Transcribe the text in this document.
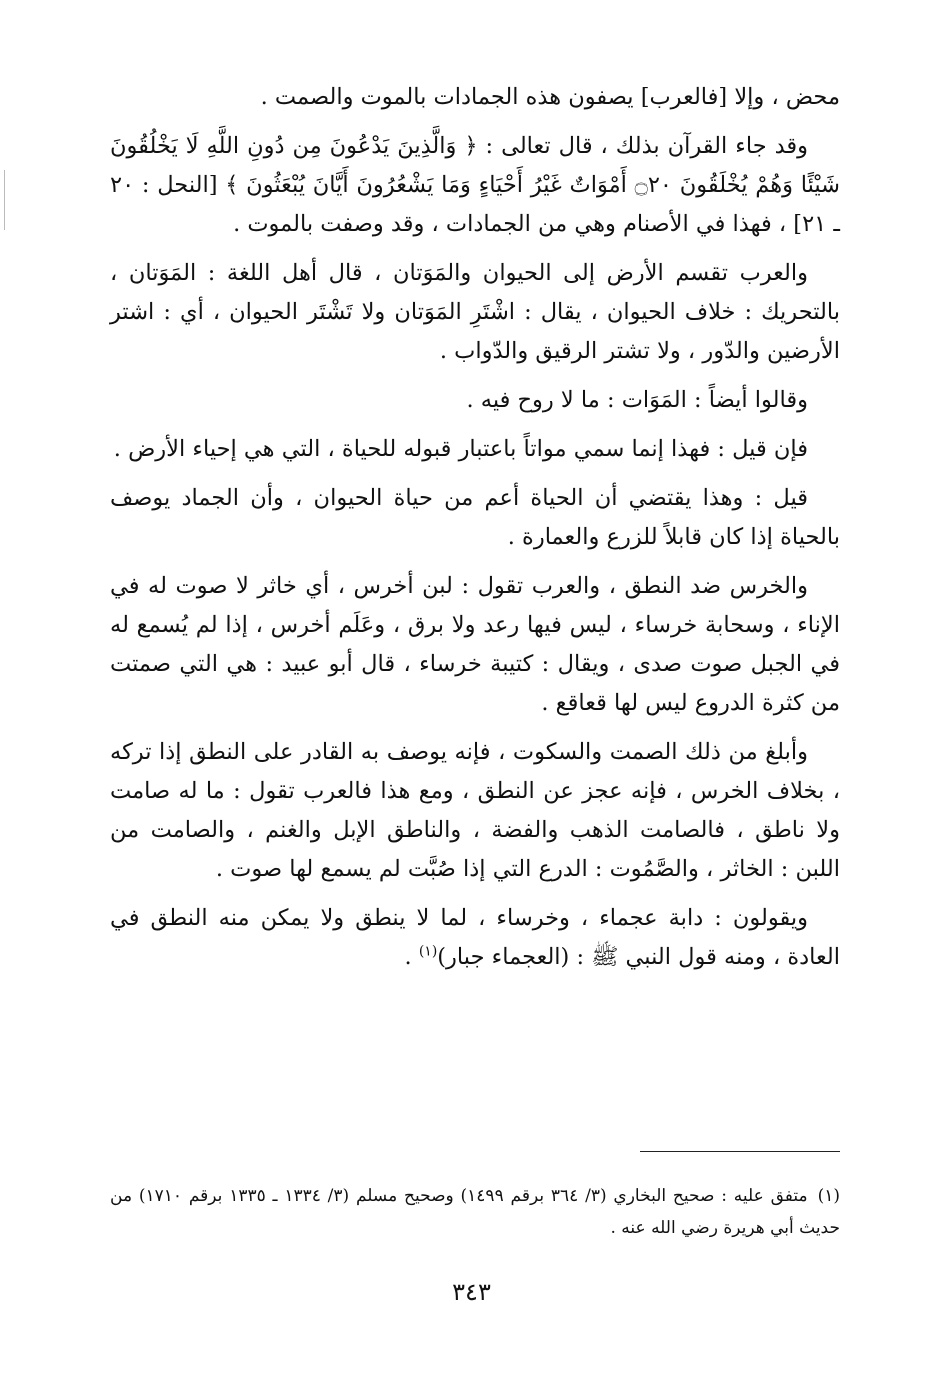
محض ، وإلا [فالعرب] يصفون هذه الجمادات بالموت والصمت .

وقد جاء القرآن بذلك ، قال تعالى : ﴿ وَالَّذِينَ يَدْعُونَ مِن دُونِ اللَّهِ لَا يَخْلُقُونَ شَيْئًا وَهُمْ يُخْلَقُونَ ۝٢٠ أَمْوَاتٌ غَيْرُ أَحْيَاءٍ وَمَا يَشْعُرُونَ أَيَّانَ يُبْعَثُونَ ﴾ [النحل : ٢٠ ـ ٢١] ، فهذا في الأصنام وهي من الجمادات ، وقد وصفت بالموت .

والعرب تقسم الأرض إلى الحيوان والمَوَتان ، قال أهل اللغة : المَوَتان ، بالتحريك : خلاف الحيوان ، يقال : اشْتَرِ المَوَتان ولا تَشْتَر الحيوان ، أي : اشتر الأرضين والدّور ، ولا تشتر الرقيق والدّواب .

وقالوا أيضاً : المَوَات : ما لا روح فيه .

فإن قيل : فهذا إنما سمي مواتاً باعتبار قبوله للحياة ، التي هي إحياء الأرض .

قيل : وهذا يقتضي أن الحياة أعم من حياة الحيوان ، وأن الجماد يوصف بالحياة إذا كان قابلاً للزرع والعمارة .

والخرس ضد النطق ، والعرب تقول : لبن أخرس ، أي خاثر لا صوت له في الإناء ، وسحابة خرساء ، ليس فيها رعد ولا برق ، وعَلَم أخرس ، إذا لم يُسمع له في الجبل صوت صدى ، ويقال : كتيبة خرساء ، قال أبو عبيد : هي التي صمتت من كثرة الدروع ليس لها قعاقع .

وأبلغ من ذلك الصمت والسكوت ، فإنه يوصف به القادر على النطق إذا تركه ، بخلاف الخرس ، فإنه عجز عن النطق ، ومع هذا فالعرب تقول : ما له صامت ولا ناطق ، فالصامت الذهب والفضة ، والناطق الإبل والغنم ، والصامت من اللبن : الخاثر ، والصَّمُوت : الدرع التي إذا صُبَّت لم يسمع لها صوت .

ويقولون : دابة عجماء ، وخرساء ، لما لا ينطق ولا يمكن منه النطق في العادة ، ومنه قول النبي ﷺ : (العجماء جبار)$^{(١)}$ .

(١)متفق عليه : صحيح البخاري (٣/ ٣٦٤ برقم ١٤٩٩) وصحيح مسلم (٣/ ١٣٣٤ ـ ١٣٣٥ برقم ١٧١٠) من حديث أبي هريرة رضي الله عنه .
٣٤٣
